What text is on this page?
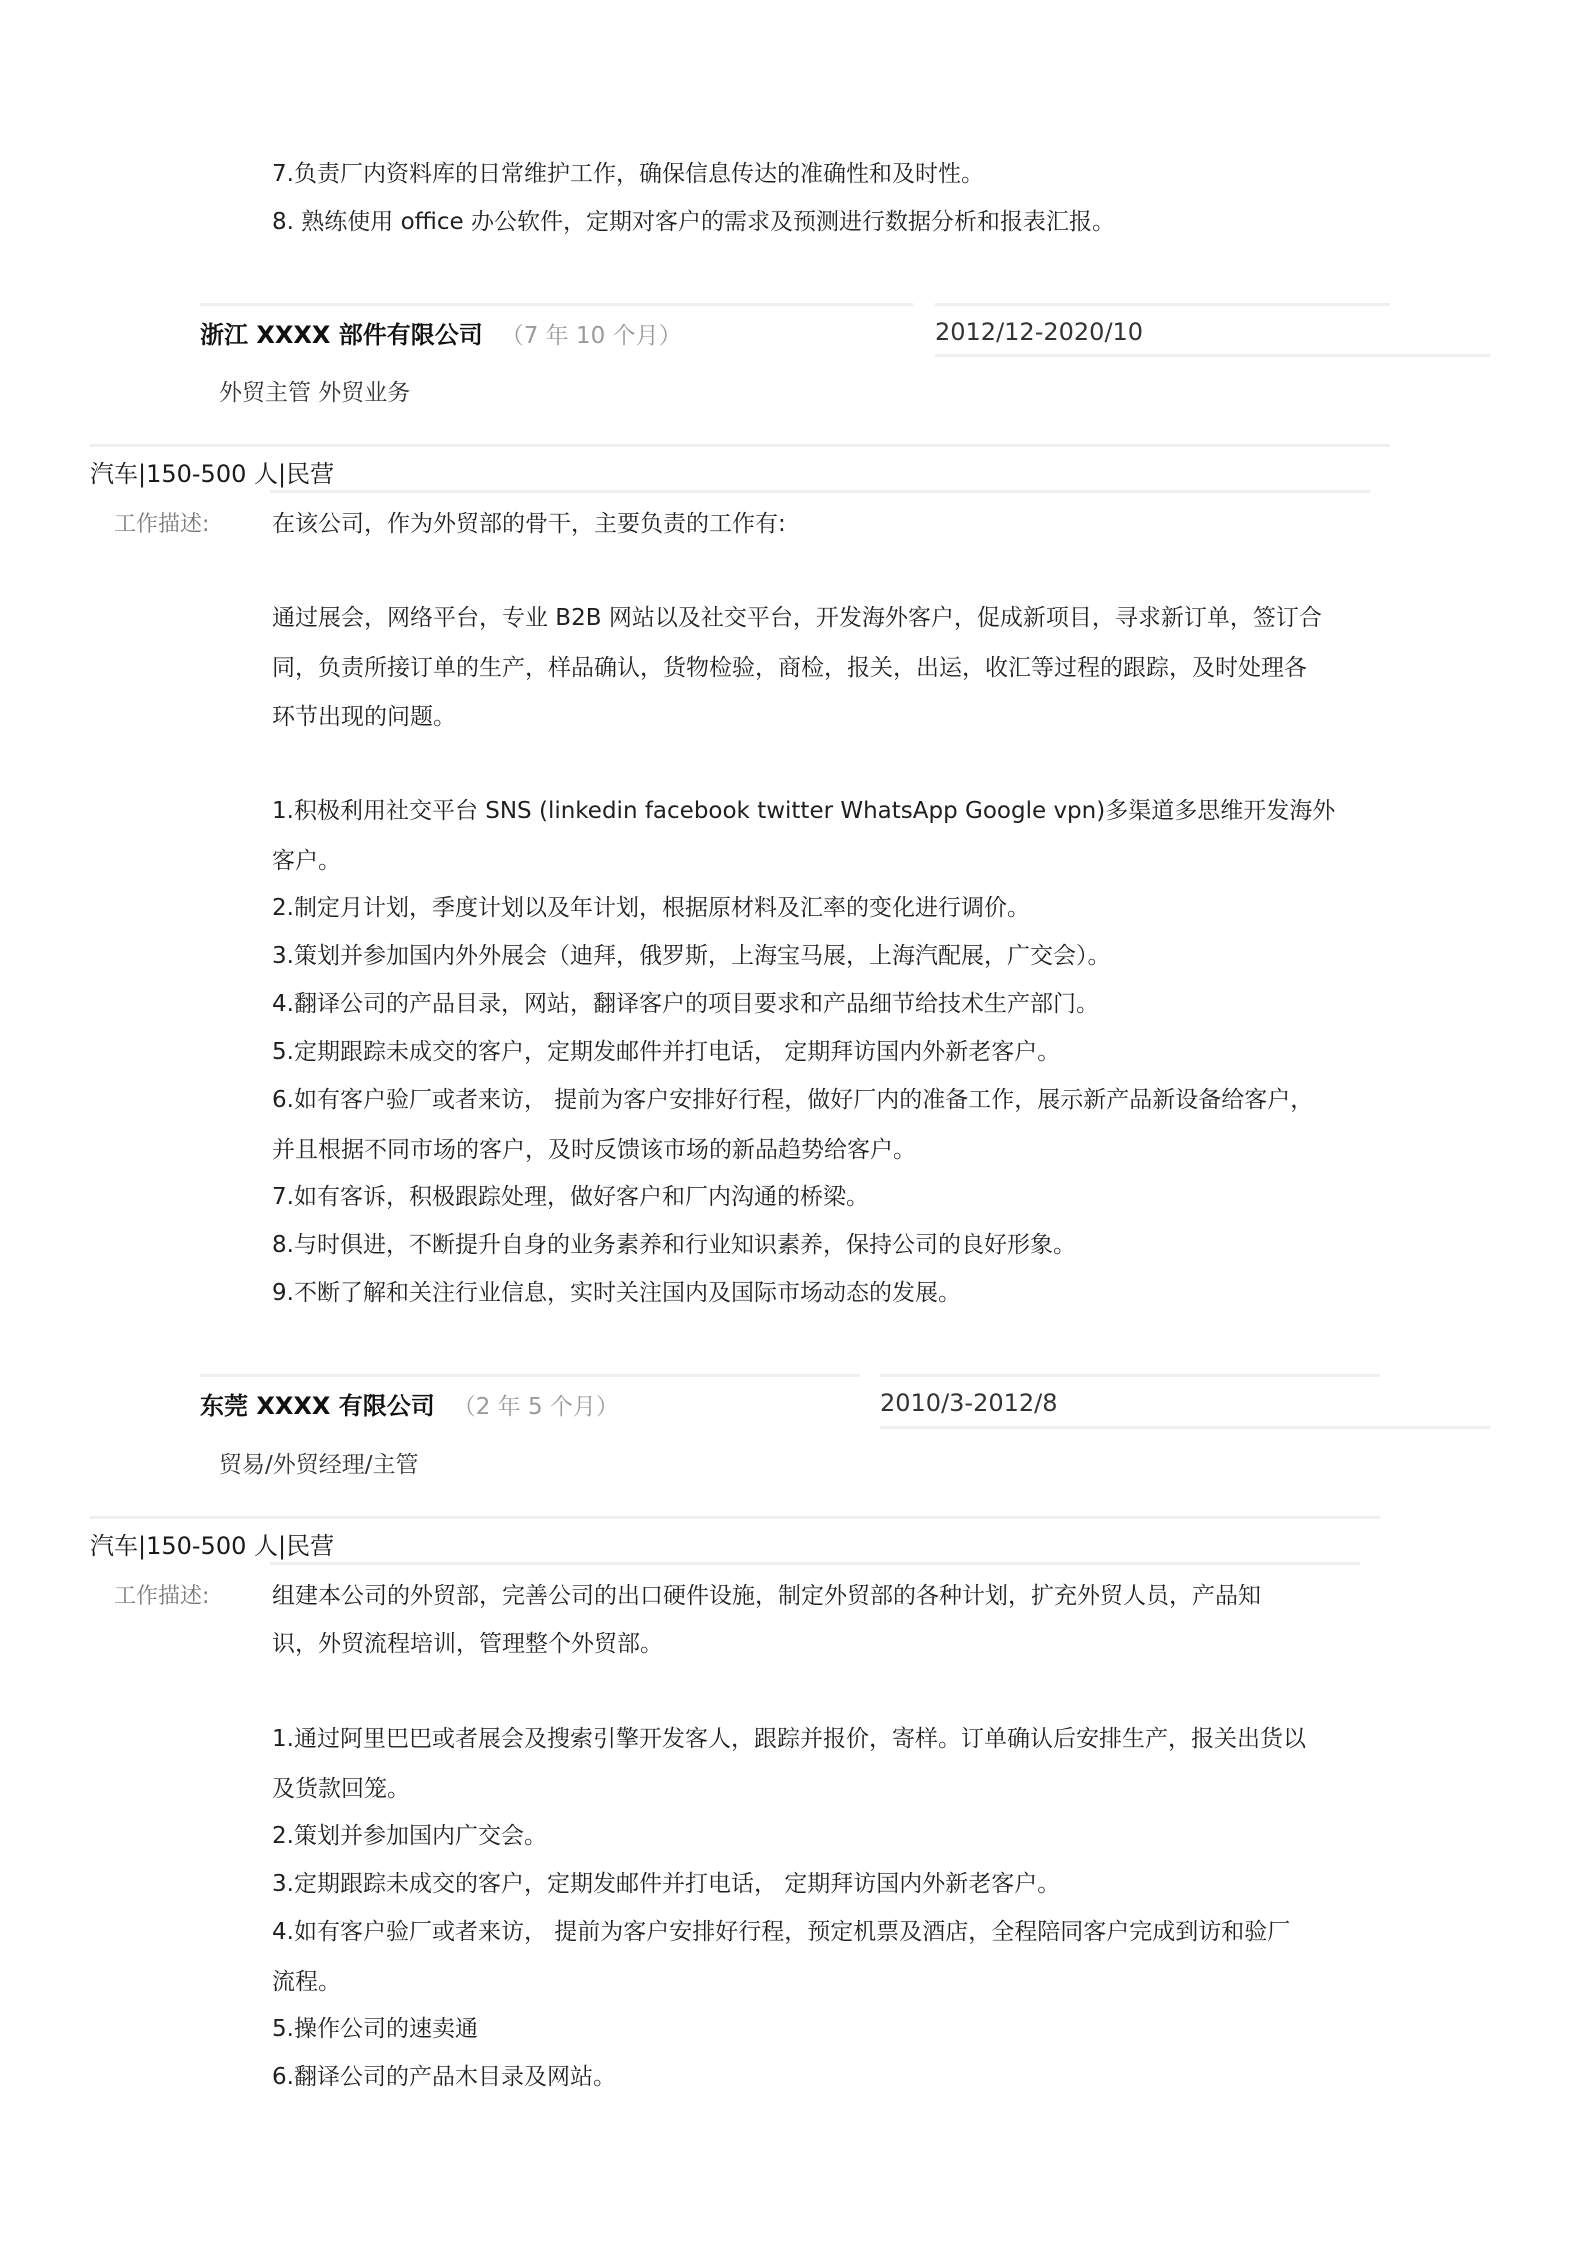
7.负责厂内资料库的日常维护工作，确保信息传达的准确性和及时性。
8. 熟练使用 office 办公软件，定期对客户的需求及预测进行数据分析和报表汇报。
浙江 XXXX 部件有限公司 （7 年 10 个月）	2012/12-2020/10
外贸主管 外贸业务
汽车|150-500 人|民营
工作描述:	在该公司，作为外贸部的骨干，主要负责的工作有:
通过展会，网络平台，专业 B2B 网站以及社交平台，开发海外客户，促成新项目，寻求新订单，签订合
同，负责所接订单的生产，样品确认，货物检验，商检，报关，出运，收汇等过程的跟踪，及时处理各
环节出现的问题。
1.积极利用社交平台 SNS (linkedin facebook twitter WhatsApp Google vpn)多渠道多思维开发海外
客户。
2.制定月计划，季度计划以及年计划，根据原材料及汇率的变化进行调价。
3.策划并参加国内外外展会（迪拜，俄罗斯，上海宝马展，上海汽配展，广交会）。
4.翻译公司的产品目录，网站，翻译客户的项目要求和产品细节给技术生产部门。
5.定期跟踪未成交的客户，定期发邮件并打电话， 定期拜访国内外新老客户。
6.如有客户验厂或者来访， 提前为客户安排好行程，做好厂内的准备工作，展示新产品新设备给客户，
并且根据不同市场的客户，及时反馈该市场的新品趋势给客户。
7.如有客诉，积极跟踪处理，做好客户和厂内沟通的桥梁。
8.与时俱进，不断提升自身的业务素养和行业知识素养，保持公司的良好形象。
9.不断了解和关注行业信息，实时关注国内及国际市场动态的发展。
东莞 XXXX 有限公司 （2 年 5 个月）	2010/3-2012/8
贸易/外贸经理/主管
汽车|150-500 人|民营
工作描述:	组建本公司的外贸部，完善公司的出口硬件设施，制定外贸部的各种计划，扩充外贸人员，产品知
识，外贸流程培训，管理整个外贸部。
1.通过阿里巴巴或者展会及搜索引擎开发客人，跟踪并报价，寄样。订单确认后安排生产，报关出货以
及货款回笼。
2.策划并参加国内广交会。
3.定期跟踪未成交的客户，定期发邮件并打电话， 定期拜访国内外新老客户。
4.如有客户验厂或者来访， 提前为客户安排好行程，预定机票及酒店，全程陪同客户完成到访和验厂
流程。
5.操作公司的速卖通
6.翻译公司的产品木目录及网站。
